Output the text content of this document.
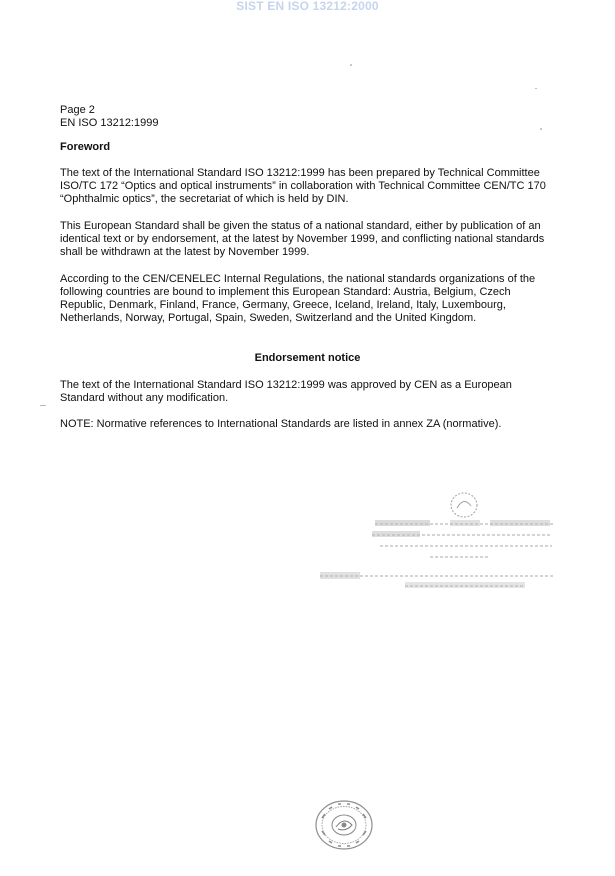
SIST EN ISO 13212:2000
Page 2
EN ISO 13212:1999
Foreword

The text of the International Standard ISO 13212:1999 has been prepared by Technical Committee ISO/TC 172 “Optics and optical instruments” in collaboration with Technical Committee CEN/TC 170 “Ophthalmic optics”, the secretariat of which is held by DIN.

This European Standard shall be given the status of a national standard, either by publication of an identical text or by endorsement, at the latest by November 1999, and conflicting national standards shall be withdrawn at the latest by November 1999.

According to the CEN/CENELEC Internal Regulations, the national standards organizations of the following countries are bound to implement this European Standard: Austria, Belgium, Czech Republic, Denmark, Finland, France, Germany, Greece, Iceland, Ireland, Italy, Luxembourg, Netherlands, Norway, Portugal, Spain, Sweden, Switzerland and the United Kingdom.

Endorsement notice

The text of the International Standard ISO 13212:1999 was approved by CEN as a European Standard without any modification.

NOTE: Normative references to International Standards are listed in annex ZA (normative).
